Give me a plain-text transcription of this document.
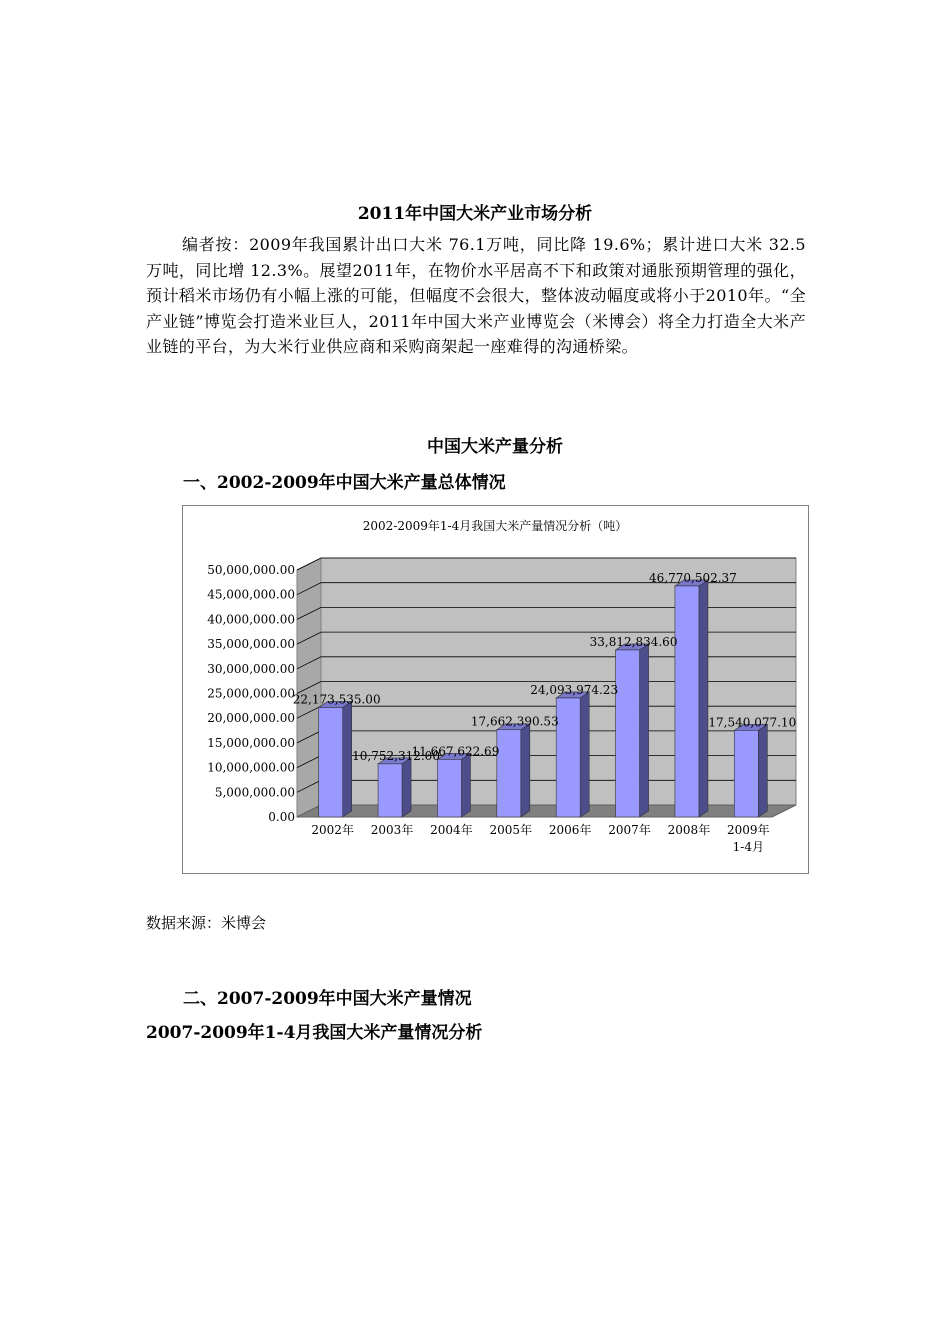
2011年中国大米产业市场分析
编者按：2009年我国累计出口大米 76.1万吨，同比降 19.6%；累计进口大米 32.5万吨，同比增 12.3%。展望2011年，在物价水平居高不下和政策对通胀预期管理的强化，预计稻米市场仍有小幅上涨的可能，但幅度不会很大，整体波动幅度或将小于2010年。“全产业链”博览会打造米业巨人，2011年中国大米产业博览会（米博会）将全力打造全大米产业链的平台，为大米行业供应商和采购商架起一座难得的沟通桥梁。
中国大米产量分析
一、2002-2009年中国大米产量总体情况
2002-2009年1-4月我国大米产量情况分析（吨）
0.00
5,000,000.00
10,000,000.00
15,000,000.00
20,000,000.00
25,000,000.00
30,000,000.00
35,000,000.00
40,000,000.00
45,000,000.00
50,000,000.00
22,173,535.00
10,752,312.00
11,667,622.69
17,662,390.53
24,093,974.23
33,812,834.60
46,770,502.37
17,540,077.10
2002年 2003年 2004年 2005年 2006年 2007年 2008年 2009年 1-4月
数据来源：米博会
二、2007-2009年中国大米产量情况
2007-2009年1-4月我国大米产量情况分析
